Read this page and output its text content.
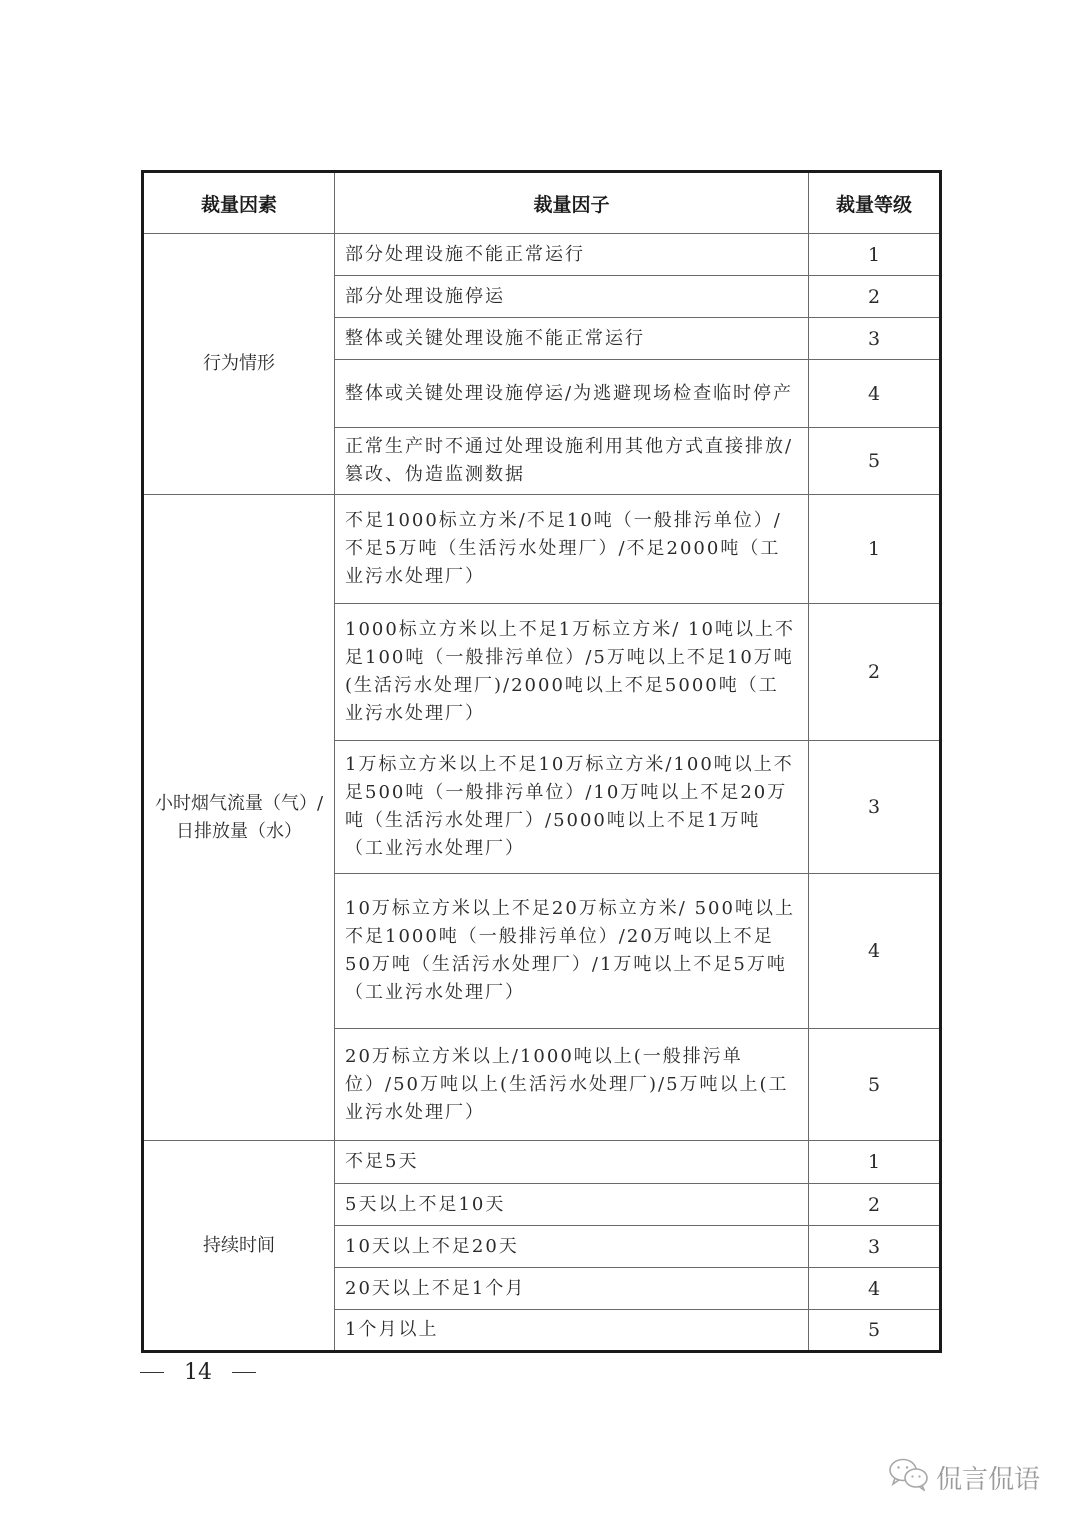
裁量因素	裁量因子	裁量等级
行为情形	部分处理设施不能正常运行	1
	部分处理设施停运	2
	整体或关键处理设施不能正常运行	3
	整体或关键处理设施停运/为逃避现场检查临时停产	4
	正常生产时不通过处理设施利用其他方式直接排放/篡改、伪造监测数据	5
小时烟气流量（气）/日排放量（水）	不足1000标立方米/不足10吨（一般排污单位）/不足5万吨（生活污水处理厂）/不足2000吨（工业污水处理厂）	1
	1000标立方米以上不足1万标立方米/ 10吨以上不足100吨（一般排污单位）/5万吨以上不足10万吨(生活污水处理厂)/2000吨以上不足5000吨（工业污水处理厂）	2
	1万标立方米以上不足10万标立方米/100吨以上不足500吨（一般排污单位）/10万吨以上不足20万吨（生活污水处理厂）/5000吨以上不足1万吨（工业污水处理厂）	3
	10万标立方米以上不足20万标立方米/ 500吨以上不足1000吨（一般排污单位）/20万吨以上不足50万吨（生活污水处理厂）/1万吨以上不足5万吨（工业污水处理厂）	4
	20万标立方米以上/1000吨以上(一般排污单位）/50万吨以上(生活污水处理厂)/5万吨以上(工业污水处理厂）	5
持续时间	不足5天	1
	5天以上不足10天	2
	10天以上不足20天	3
	20天以上不足1个月	4
	1个月以上	5
14
侃言侃语
